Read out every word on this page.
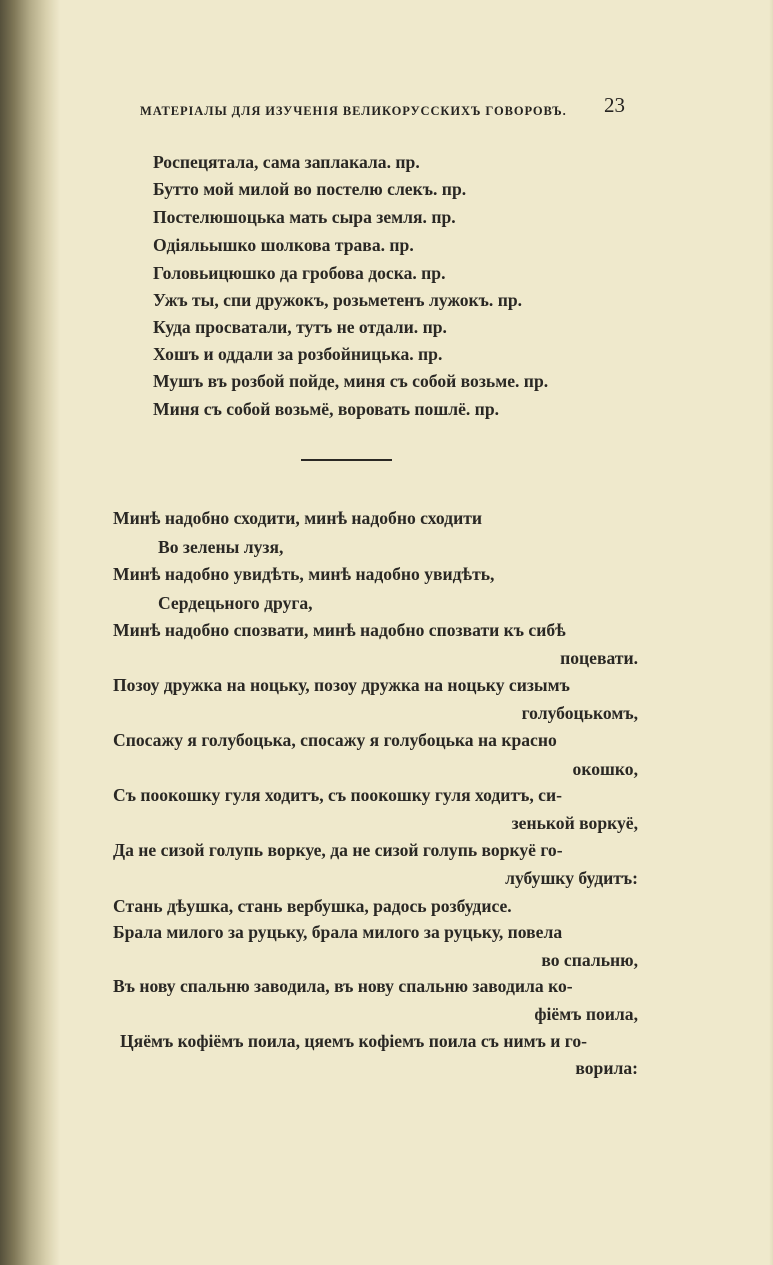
МАТЕРIАЛЫ ДЛЯ ИЗУЧЕНIЯ ВЕЛИКОРУССКИХЪ ГОВОРОВЪ. 23
Роспецятала, сама заплакала. пр.
Бутто мой милой во постелю слекъ. пр.
Постелюшоцька мать сыра земля. пр.
Одiяльышко шолкова трава. пр.
Головьицюшко да гробова доска. пр.
Ужъ ты, спи дружокъ, розьметенъ лужокъ. пр.
Куда просватали, тутъ не отдали. пр.
Хошъ и оддали за розбойницька. пр.
Мушъ въ розбой пойде, миня съ собой возьме. пр.
Миня съ собой возьмё, воровать пошлё. пр.
Минѣ надобно сходити, минѣ надобно сходити
Во зелены лузя,
Минѣ надобно увидѣть, минѣ надобно увидѣть,
Сердецьного друга,
Минѣ надобно спозвати, минѣ надобно спозвати къ сибѣ
поцевати.
Позоу дружка на ноцьку, позоу дружка на ноцьку сизымъ
голубоцькомъ,
Спосажу я голубоцька, спосажу я голубоцька на красно
окошко,
Съ поокошку гуля ходитъ, съ поокошку гуля ходитъ, си-
зенькой воркуё,
Да не сизой голупь воркуе, да не сизой голупь воркуё го-
лубушку будитъ:
Стань дѣушка, стань вербушка, радось розбудисе.
Брала милого за руцьку, брала милого за руцьку, повела
во спальню,
Въ нову спальню заводила, въ нову спальню заводила ко-
фiёмъ поила,
Цяёмъ кофiёмъ поила, цяемъ кофiемъ поила съ нимъ и го-
ворила:
